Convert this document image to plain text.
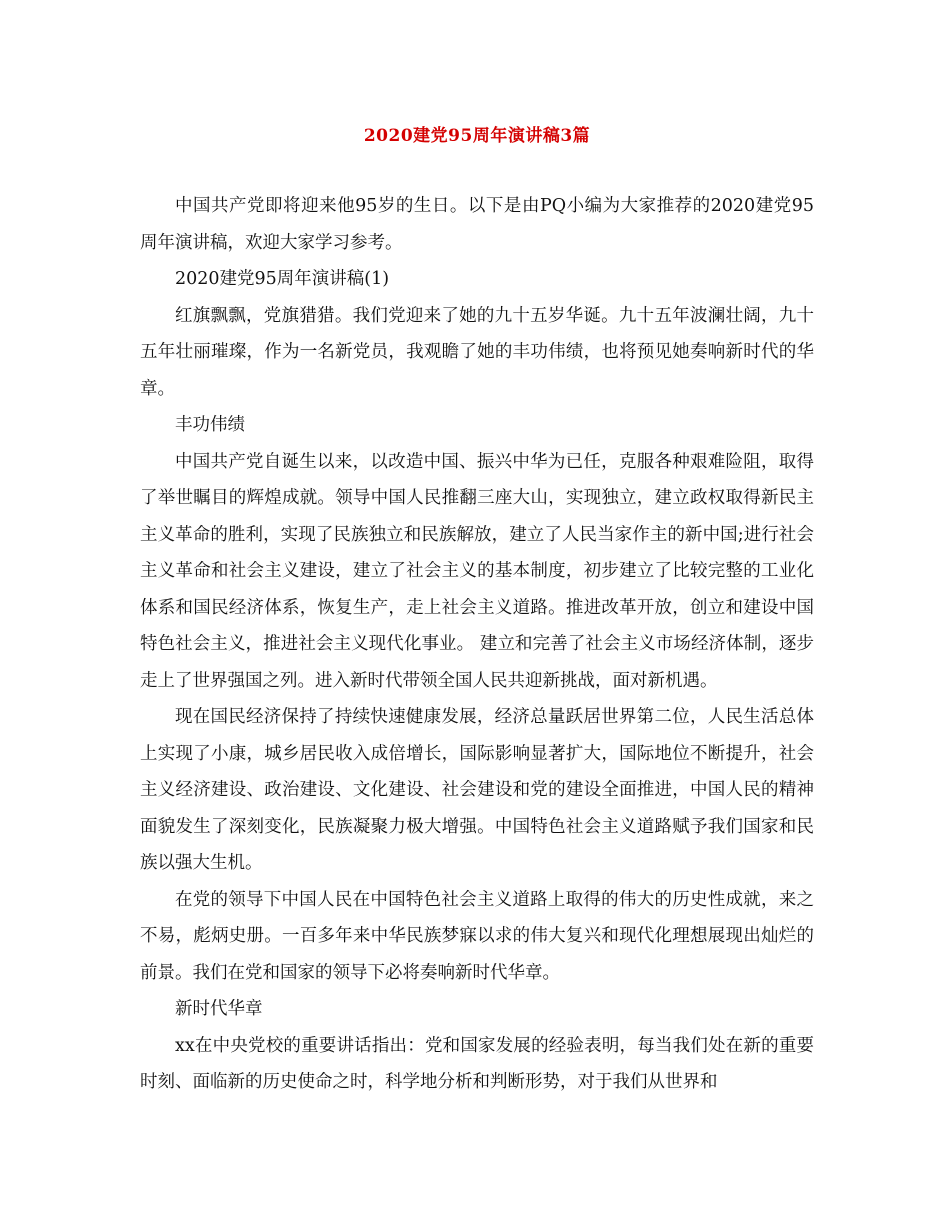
2020建党95周年演讲稿3篇

中国共产党即将迎来他95岁的生日。以下是由PQ小编为大家推荐的2020建党95周年演讲稿，欢迎大家学习参考。

2020建党95周年演讲稿(1)

红旗飘飘，党旗猎猎。我们党迎来了她的九十五岁华诞。九十五年波澜壮阔，九十五年壮丽璀璨，作为一名新党员，我观瞻了她的丰功伟绩，也将预见她奏响新时代的华章。

丰功伟绩

中国共产党自诞生以来，以改造中国、振兴中华为已任，克服各种艰难险阻，取得了举世瞩目的辉煌成就。领导中国人民推翻三座大山，实现独立，建立政权取得新民主主义革命的胜利，实现了民族独立和民族解放，建立了人民当家作主的新中国;进行社会主义革命和社会主义建设，建立了社会主义的基本制度，初步建立了比较完整的工业化体系和国民经济体系，恢复生产，走上社会主义道路。推进改革开放，创立和建设中国特色社会主义，推进社会主义现代化事业。 建立和完善了社会主义市场经济体制，逐步走上了世界强国之列。进入新时代带领全国人民共迎新挑战，面对新机遇。

现在国民经济保持了持续快速健康发展，经济总量跃居世界第二位，人民生活总体上实现了小康，城乡居民收入成倍增长，国际影响显著扩大，国际地位不断提升，社会主义经济建设、政治建设、文化建设、社会建设和党的建设全面推进，中国人民的精神面貌发生了深刻变化，民族凝聚力极大增强。中国特色社会主义道路赋予我们国家和民族以强大生机。

在党的领导下中国人民在中国特色社会主义道路上取得的伟大的历史性成就，来之不易，彪炳史册。一百多年来中华民族梦寐以求的伟大复兴和现代化理想展现出灿烂的前景。我们在党和国家的领导下必将奏响新时代华章。

新时代华章

xx在中央党校的重要讲话指出：党和国家发展的经验表明，每当我们处在新的重要时刻、面临新的历史使命之时，科学地分析和判断形势，对于我们从世界和
